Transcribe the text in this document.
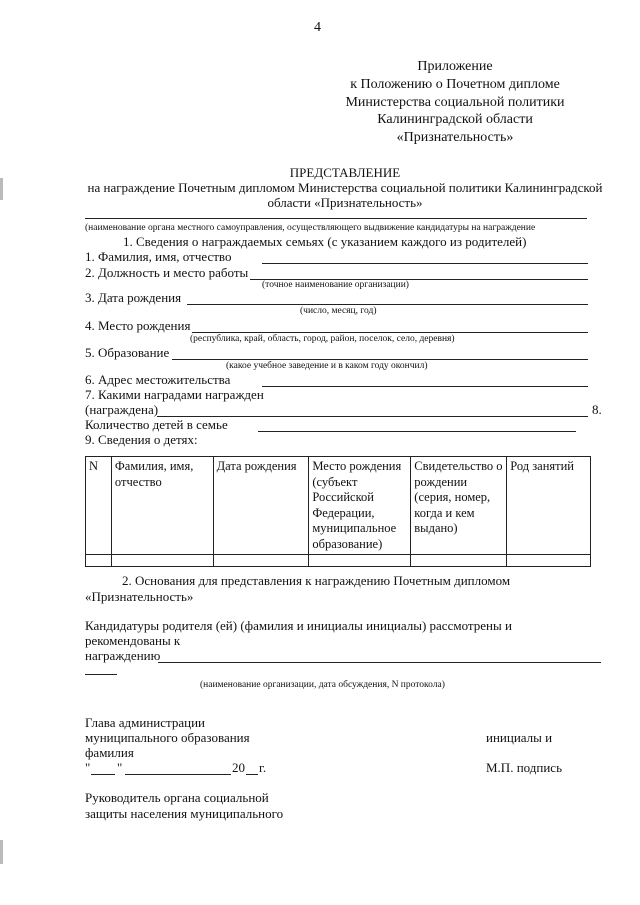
4
Приложение
к Положению о Почетном дипломе
Министерства социальной политики
Калининградской области
«Признательность»
ПРЕДСТАВЛЕНИЕ
на награждение Почетным дипломом Министерства социальной политики Калининградской
области «Признательность»
(наименование органа местного самоуправления, осуществляющего выдвижение кандидатуры на награждение
1. Сведения о награждаемых семьях (с указанием каждого из родителей)
1. Фамилия, имя, отчество
2. Должность и место работы
(точное наименование организации)
3. Дата рождения
(число, месяц, год)
4. Место рождения
(республика, край, область, город, район, поселок, село, деревня)
5. Образование
(какое учебное заведение и в каком году окончил)
6. Адрес местожительства
7. Какими наградами награжден
(награждена)	8.
Количество детей в семье
9. Сведения о детях:
N	Фамилия, имя, отчество	Дата рождения	Место рождения (субъект Российской Федерации, муниципальное образование)	Свидетельство о рождении (серия, номер, когда и кем выдано)	Род занятий

2. Основания для представления к награждению Почетным дипломом
«Признательность»
Кандидатуры родителя (ей) (фамилия и инициалы инициалы) рассмотрены и
рекомендованы к
награждению
(наименование организации, дата обсуждения, N протокола)
Глава администрации
муниципального образования
фамилия
инициалы и
" "	20 г.	М.П. подпись
Руководитель органа социальной
защиты населения муниципального
